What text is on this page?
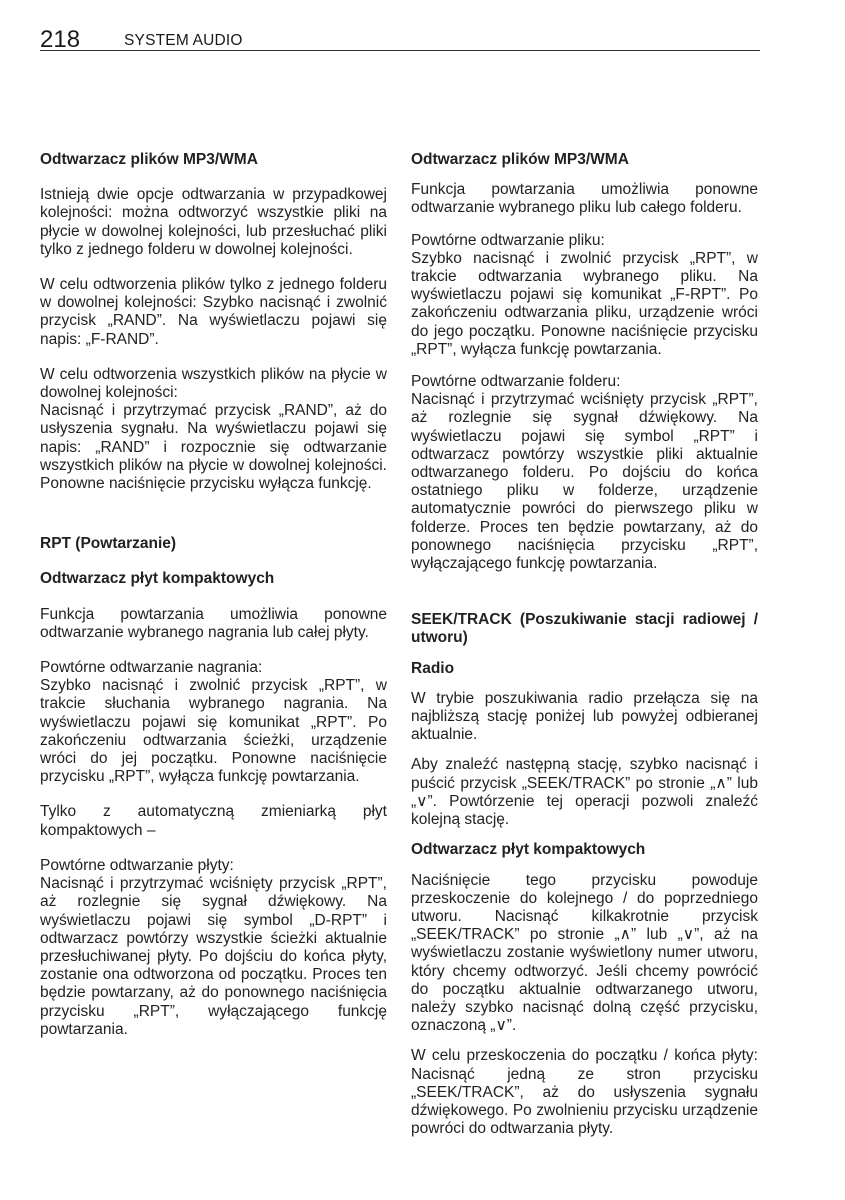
218	SYSTEM AUDIO

Odtwarzacz plików MP3/WMA

Istnieją dwie opcje odtwarzania w przypadkowej kolejności: można odtworzyć wszystkie pliki na płycie w dowolnej kolejności, lub przesłuchać pliki tylko z jednego folderu w dowolnej kolejności.

W celu odtworzenia plików tylko z jednego folderu w dowolnej kolejności: Szybko nacisnąć i zwolnić przycisk „RAND”. Na wyświetlaczu pojawi się napis: „F-RAND”.

W celu odtworzenia wszystkich plików na płycie w dowolnej kolejności:

Nacisnąć i przytrzymać przycisk „RAND”, aż do usłyszenia sygnału. Na wyświetlaczu pojawi się napis: „RAND” i rozpocznie się odtwarzanie wszystkich plików na płycie w dowolnej kolejności. Ponowne naciśnięcie przycisku wyłącza funkcję.

RPT (Powtarzanie)

Odtwarzacz płyt kompaktowych

Funkcja powtarzania umożliwia ponowne odtwarzanie wybranego nagrania lub całej płyty.

Powtórne odtwarzanie nagrania:

Szybko nacisnąć i zwolnić przycisk „RPT”, w trakcie słuchania wybranego nagrania. Na wyświetlaczu pojawi się komunikat „RPT”. Po zakończeniu odtwarzania ścieżki, urządzenie wróci do jej początku. Ponowne naciśnięcie przycisku „RPT”, wyłącza funkcję powtarzania.

Tylko z automatyczną zmieniarką płyt kompaktowych –

Powtórne odtwarzanie płyty:

Nacisnąć i przytrzymać wciśnięty przycisk „RPT”, aż rozlegnie się sygnał dźwiękowy. Na wyświetlaczu pojawi się symbol „D-RPT” i odtwarzacz powtórzy wszystkie ścieżki aktualnie przesłuchiwanej płyty. Po dojściu do końca płyty, zostanie ona odtworzona od początku. Proces ten będzie powtarzany, aż do ponownego naciśnięcia przycisku „RPT”, wyłączającego funkcję powtarzania.

Odtwarzacz plików MP3/WMA

Funkcja powtarzania umożliwia ponowne odtwarzanie wybranego pliku lub całego folderu.

Powtórne odtwarzanie pliku:

Szybko nacisnąć i zwolnić przycisk „RPT”, w trakcie odtwarzania wybranego pliku. Na wyświetlaczu pojawi się komunikat „F-RPT”. Po zakończeniu odtwarzania pliku, urządzenie wróci do jego początku. Ponowne naciśnięcie przycisku „RPT”, wyłącza funkcję powtarzania.

Powtórne odtwarzanie folderu:

Nacisnąć i przytrzymać wciśnięty przycisk „RPT”, aż rozlegnie się sygnał dźwiękowy. Na wyświetlaczu pojawi się symbol „RPT” i odtwarzacz powtórzy wszystkie pliki aktualnie odtwarzanego folderu. Po dojściu do końca ostatniego pliku w folderze, urządzenie automatycznie powróci do pierwszego pliku w folderze. Proces ten będzie powtarzany, aż do ponownego naciśnięcia przycisku „RPT”, wyłączającego funkcję powtarzania.

SEEK/TRACK (Poszukiwanie stacji radiowej / utworu)

Radio

W trybie poszukiwania radio przełącza się na najbliższą stację poniżej lub powyżej odbieranej aktualnie.

Aby znaleźć następną stację, szybko nacisnąć i puścić przycisk „SEEK/TRACK” po stronie „∧” lub „∨”. Powtórzenie tej operacji pozwoli znaleźć kolejną stację.

Odtwarzacz płyt kompaktowych

Naciśnięcie tego przycisku powoduje przeskoczenie do kolejnego / do poprzedniego utworu. Nacisnąć kilkakrotnie przycisk „SEEK/TRACK” po stronie „∧” lub „∨”, aż na wyświetlaczu zostanie wyświetlony numer utworu, który chcemy odtworzyć. Jeśli chcemy powrócić do początku aktualnie odtwarzanego utworu, należy szybko nacisnąć dolną część przycisku, oznaczoną „∨”.

W celu przeskoczenia do początku / końca płyty: Nacisnąć jedną ze stron przycisku „SEEK/TRACK”, aż do usłyszenia sygnału dźwiękowego. Po zwolnieniu przycisku urządzenie powróci do odtwarzania płyty.
